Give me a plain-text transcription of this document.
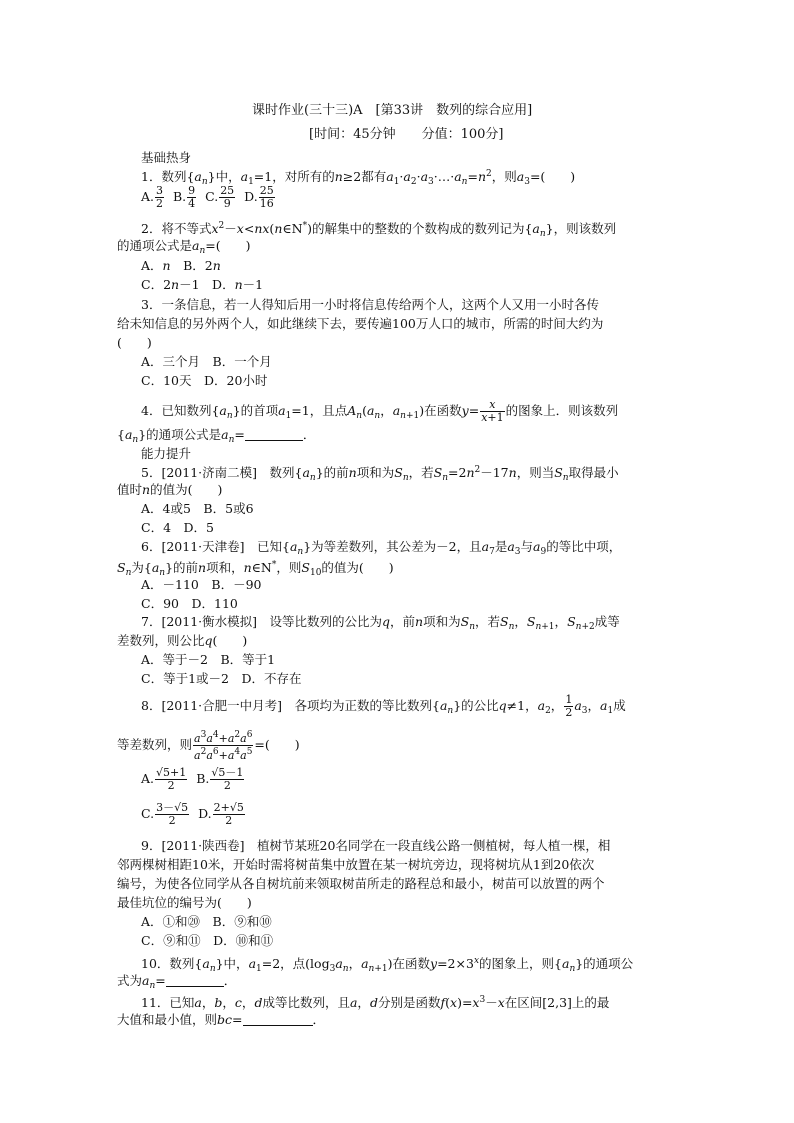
课时作业(三十三)A　[第33讲　数列的综合应用]
[时间：45分钟　　分值：100分]
基础热身
1．数列$\{a_n\}$中，$a_1=1$，对所有的n≥2都有$a_1\cdot a_2\cdot a_3\cdot\dots\cdot a_n=n^2$，则$a_3=$(　　)
A. $\frac{3}{2} B$. $\frac{9}{4} C$. $\frac{25}{9} D$. $\frac{25}{16}$
2．将不等式$x^2-x<nx(n\in N^*)$的解集中的整数的个数构成的数列记为$\{a_n\}$，则该数列
的通项公式是$a_n=$(　　)
A．n　B．2n
C．2n－1　D．n－1
3．一条信息，若一人得知后用一小时将信息传给两个人，这两个人又用一小时各传
给未知信息的另外两个人，如此继续下去，要传遍100万人口的城市，所需的时间大约为
(　　)
A．三个月　B．一个月
C．10天　D．20小时
4．已知数列$\{a_n\}$的首项$a_1=1$，且点$A_n(a_n$，$a_{n+1}$)在函数$y= \frac{x}{x+1}$ 的图象上．则该数列
$\{a_n\}$的通项公式是$a_n=$	．
能力提升
5．[2011·济南二模]　数列$\{a_n\}$的前n项和为$S_n$，若$S_n=2n^2-17n$，则当$S_n$取得最小
值时n的值为(　　)
A．4或5　B．5或6
C．4　D．5
6．[2011·天津卷]　已知$\{a_n\}$为等差数列，其公差为－2，且$a_7$是$a_3$与$a_9$的等比中项，
$S_n$为$\{a_n\}$的前n项和，n∈N*，则$S_{10}$的值为(　　)
A．－110　B．－90
C．90　D．110
7．[2011·衡水模拟]　设等比数列的公比为q，前n项和为$S_n$，若$S_n$，$S_{n+1}$，$S_{n+2}$成等
差数列，则公比q(　　)
A．等于－2　B．等于1
C．等于1或－2　D．不存在
8．[2011·合肥一中月考]　各项均为正数的等比数列$\{a_n\}$的公比q≠1，$a_2$， $\frac{1}{2} a_3$，$a_1$成
等差数列，则 $\frac{a^3a^4+a^2a^6}{a^2a^6+a^4a^5}$ =(　　)
A. $\frac{√5+1}{2} B$. $\frac{√5-1}{2}$
C. $\frac{3-√5}{2} D$. $\frac{2+√5}{2}$
9．[2011·陕西卷]　植树节某班20名同学在一段直线公路一侧植树，每人植一棵，相
邻两棵树相距10米，开始时需将树苗集中放置在某一树坑旁边，现将树坑从1到20依次
编号，为使各位同学从各自树坑前来领取树苗所走的路程总和最小，树苗可以放置的两个
最佳坑位的编号为(　　)
A．①和⑳　B．⑨和⑩
C．⑨和⑪　D．⑩和⑪
10．数列$\{a_n\}$中，$a_1=2$，点($\log_3a_n$，$a_{n+1}$)在函数$y=2\times 3^x$的图象上，则$\{a_n\}$的通项公
式为$a_n=$	．
11．已知a，b，c，d成等比数列，且a，d分别是函数$f(x)=x^3-x$在区间[2,3]上的最
大值和最小值，则bc=	．
